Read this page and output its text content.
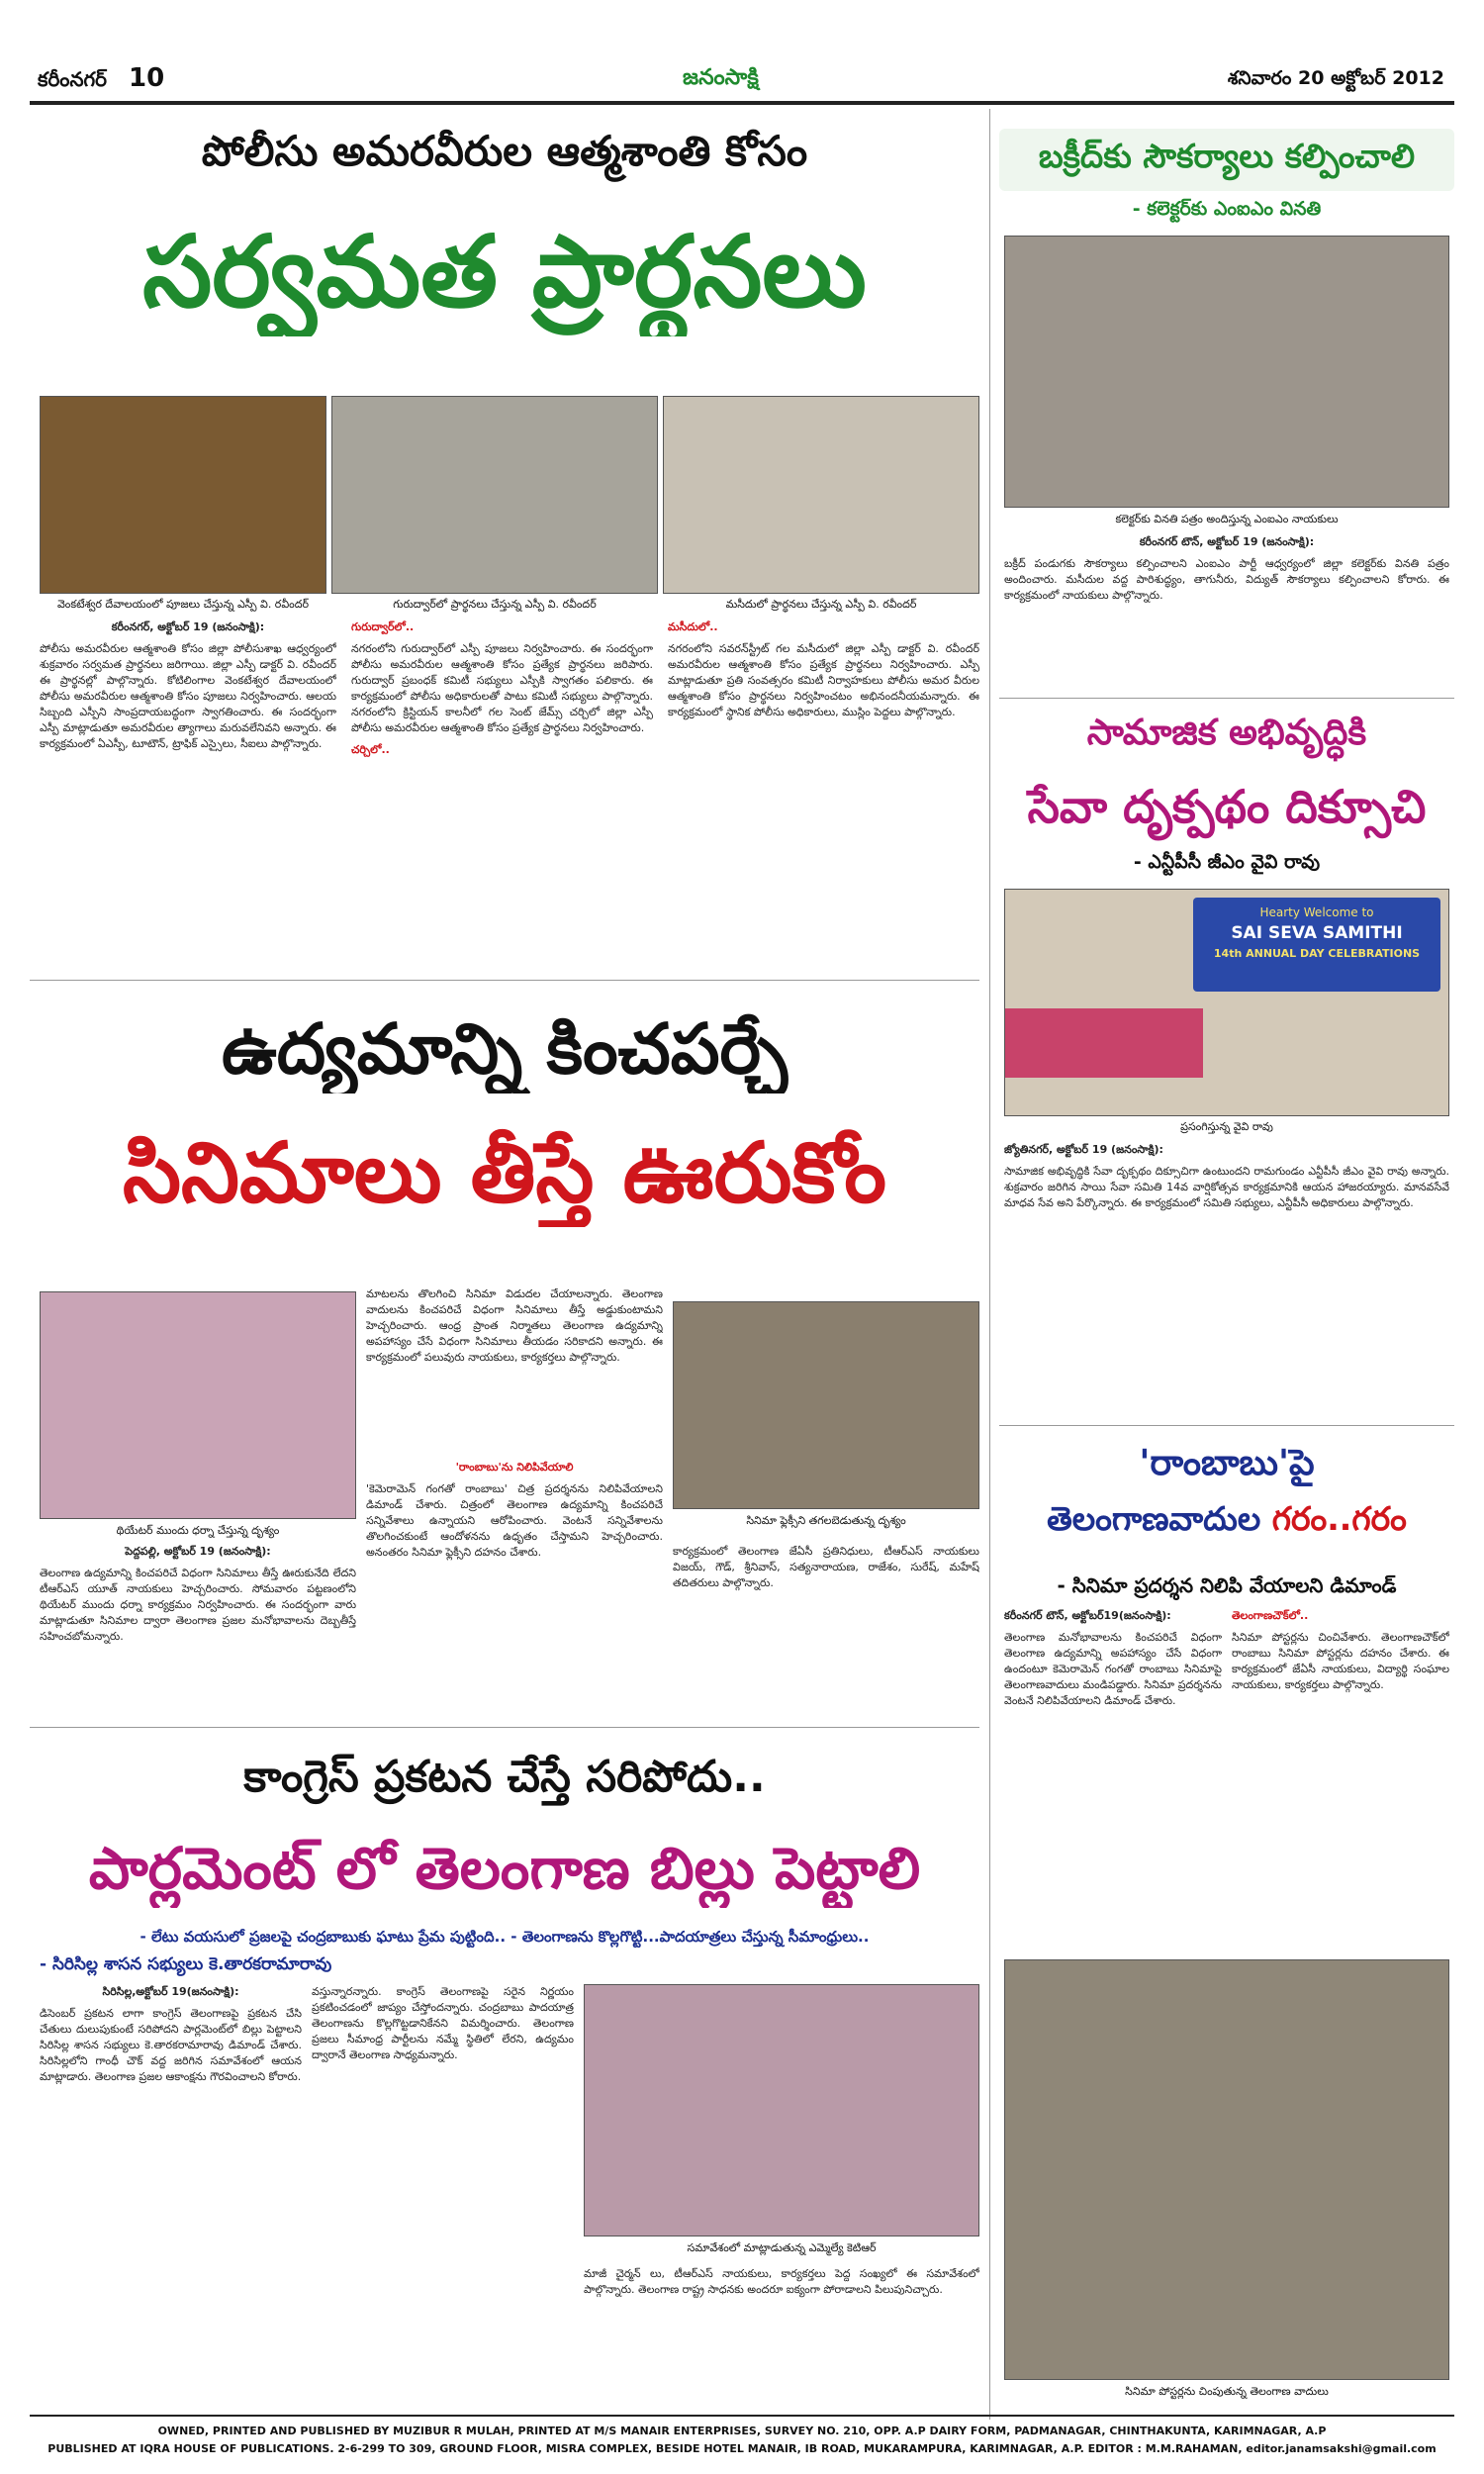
కరీంనగర్ 10	జనంసాక్షి	శనివారం 20 అక్టోబర్ 2012
పోలీసు అమరవీరుల ఆత్మశాంతి కోసం
సర్వమత ప్రార్థనలు
వెంకటేశ్వర దేవాలయంలో పూజలు చేస్తున్న ఎస్పీ వి. రవీందర్	గురుద్వార్‌లో ప్రార్థనలు చేస్తున్న ఎస్పీ వి. రవీందర్	మసీదులో ప్రార్థనలు చేస్తున్న ఎస్పీ వి. రవీందర్

కరీంనగర్, అక్టోబర్ 19 (జనంసాక్షి):

పోలీసు అమరవీరుల ఆత్మశాంతి కోసం జిల్లా పోలీసుశాఖ ఆధ్వర్యంలో శుక్రవారం సర్వమత ప్రార్థనలు జరిగాయి. జిల్లా ఎస్పీ డాక్టర్ వి. రవీందర్ ఈ ప్రార్థనల్లో పాల్గొన్నారు. కోటిలింగాల వెంకటేశ్వర దేవాలయంలో పోలీసు అమరవీరుల ఆత్మశాంతి కోసం పూజలు నిర్వహించారు. ఆలయ సిబ్బంది ఎస్పీని సాంప్రదాయబద్ధంగా స్వాగతించారు. ఈ సందర్భంగా ఎస్పీ మాట్లాడుతూ అమరవీరుల త్యాగాలు మరువలేనివని అన్నారు. ఈ కార్యక్రమంలో ఏఎస్పీ, టూటౌన్, ట్రాఫిక్ ఎస్సైలు, సీఐలు పాల్గొన్నారు.

గురుద్వార్‌లో..

నగరంలోని గురుద్వార్‌లో ఎస్పీ పూజలు నిర్వహించారు. ఈ సందర్భంగా పోలీసు అమరవీరుల ఆత్మశాంతి కోసం ప్రత్యేక ప్రార్థనలు జరిపారు. గురుద్వార్ ప్రబంధక్ కమిటీ సభ్యులు ఎస్పీకి స్వాగతం పలికారు. ఈ కార్యక్రమంలో పోలీసు అధికారులతో పాటు కమిటీ సభ్యులు పాల్గొన్నారు. నగరంలోని క్రిస్టియన్ కాలనీలో గల సెంట్ జేమ్స్ చర్చిలో జిల్లా ఎస్పీ పోలీసు అమరవీరుల ఆత్మశాంతి కోసం ప్రత్యేక ప్రార్థనలు నిర్వహించారు.

చర్చిలో..

మసీదులో..

నగరంలోని సవరన్‌స్ట్రీట్ గల మసీదులో జిల్లా ఎస్పీ డాక్టర్ వి. రవీందర్ అమరవీరుల ఆత్మశాంతి కోసం ప్రత్యేక ప్రార్థనలు నిర్వహించారు. ఎస్పీ మాట్లాడుతూ ప్రతి సంవత్సరం కమిటీ నిర్వాహకులు పోలీసు అమర వీరుల ఆత్మశాంతి కోసం ప్రార్థనలు నిర్వహించటం అభినందనీయమన్నారు. ఈ కార్యక్రమంలో స్థానిక పోలీసు అధికారులు, ముస్లిం పెద్దలు పాల్గొన్నారు.

ఉద్యమాన్ని కించపర్చే
సినిమాలు తీస్తే ఊరుకోం
థియేటర్ ముందు ధర్నా చేస్తున్న దృశ్యం
సినిమా ఫ్లెక్సీని తగలబెడుతున్న దృశ్యం

పెద్దపల్లి, అక్టోబర్ 19 (జనంసాక్షి):

తెలంగాణ ఉద్యమాన్ని కించపరిచే విధంగా సినిమాలు తీస్తే ఊరుకునేది లేదని టీఆర్ఎస్ యూత్ నాయకులు హెచ్చరించారు. సోమవారం పట్టణంలోని థియేటర్ ముందు ధర్నా కార్యక్రమం నిర్వహించారు. ఈ సందర్భంగా వారు మాట్లాడుతూ సినిమాల ద్వారా తెలంగాణ ప్రజల మనోభావాలను దెబ్బతీస్తే సహించబోమన్నారు.

మాటలను తొలగించి సినిమా విడుదల చేయాలన్నారు. తెలంగాణ వాదులను కించపరిచే విధంగా సినిమాలు తీస్తే అడ్డుకుంటామని హెచ్చరించారు. ఆంధ్ర ప్రాంత నిర్మాతలు తెలంగాణ ఉద్యమాన్ని అపహాస్యం చేసే విధంగా సినిమాలు తీయడం సరికాదని అన్నారు. ఈ కార్యక్రమంలో పలువురు నాయకులు, కార్యకర్తలు పాల్గొన్నారు.

'రాంబాబు'ను నిలిపివేయాలి

'కెమెరామెన్ గంగతో రాంబాబు' చిత్ర ప్రదర్శనను నిలిపివేయాలని డిమాండ్ చేశారు. చిత్రంలో తెలంగాణ ఉద్యమాన్ని కించపరిచే సన్నివేశాలు ఉన్నాయని ఆరోపించారు. వెంటనే సన్నివేశాలను తొలగించకుంటే ఆందోళనను ఉధృతం చేస్తామని హెచ్చరించారు. అనంతరం సినిమా ఫ్లెక్సీని దహనం చేశారు.	కార్యక్రమంలో తెలంగాణ జేఏసీ ప్రతినిధులు, టీఆర్ఎస్ నాయకులు విజయ్, గౌడ్, శ్రీనివాస్, సత్యనారాయణ, రాజేశం, సురేష్, మహేష్ తదితరులు పాల్గొన్నారు.

కాంగ్రెస్ ప్రకటన చేస్తే సరిపోదు..
పార్లమెంట్ లో తెలంగాణ బిల్లు పెట్టాలి
- లేటు వయసులో ప్రజలపై చంద్రబాబుకు ఘాటు ప్రేమ పుట్టింది.. - తెలంగాణను కొల్లగొట్టి...పాదయాత్రలు చేస్తున్న సీమాంధ్రులు..
- సిరిసిల్ల శాసన సభ్యులు కె.తారకరామారావు
సమావేశంలో మాట్లాడుతున్న ఎమ్మెల్యే కెటిఆర్

సిరిసిల్ల,అక్టోబర్ 19(జనంసాక్షి):

డిసెంబర్ ప్రకటన లాగా కాంగ్రెస్ తెలంగాణపై ప్రకటన చేసి చేతులు దులుపుకుంటే సరిపోదని పార్లమెంట్‌లో బిల్లు పెట్టాలని సిరిసిల్ల శాసన సభ్యులు కె.తారకరామారావు డిమాండ్ చేశారు. సిరిసిల్లలోని గాంధీ చౌక్ వద్ద జరిగిన సమావేశంలో ఆయన మాట్లాడారు. తెలంగాణ ప్రజల ఆకాంక్షను గౌరవించాలని కోరారు.

వస్తున్నారన్నారు. కాంగ్రెస్ తెలంగాణపై సరైన నిర్ణయం ప్రకటించడంలో జాప్యం చేస్తోందన్నారు. చంద్రబాబు పాదయాత్ర తెలంగాణను కొల్లగొట్టడానికేనని విమర్శించారు. తెలంగాణ ప్రజలు సీమాంధ్ర పార్టీలను నమ్మే స్థితిలో లేరని, ఉద్యమం ద్వారానే తెలంగాణ సాధ్యమన్నారు.

మాజీ చైర్మన్ లు, టీఆర్ఎస్ నాయకులు, కార్యకర్తలు పెద్ద సంఖ్యలో ఈ సమావేశంలో పాల్గొన్నారు. తెలంగాణ రాష్ట్ర సాధనకు అందరూ ఐక్యంగా పోరాడాలని పిలుపునిచ్చారు.

బక్రీద్‌కు సౌకర్యాలు కల్పించాలి
- కలెక్టర్‌కు ఎంఐఎం వినతి
కలెక్టర్‌కు వినతి పత్రం అందిస్తున్న ఎంఐఎం నాయకులు

కరీంనగర్ టౌన్, అక్టోబర్ 19 (జనంసాక్షి):

బక్రీద్ పండుగకు సౌకర్యాలు కల్పించాలని ఎంఐఎం పార్టీ ఆధ్వర్యంలో జిల్లా కలెక్టర్‌కు వినతి పత్రం అందించారు. మసీదుల వద్ద పారిశుద్ధ్యం, తాగునీరు, విద్యుత్ సౌకర్యాలు కల్పించాలని కోరారు. ఈ కార్యక్రమంలో నాయకులు పాల్గొన్నారు.

సామాజిక అభివృద్ధికి
సేవా దృక్పథం దిక్సూచి
- ఎన్టీపీసీ జీఎం వైవి రావు
Hearty Welcome to
SAI SEVA SAMITHI
14th ANNUAL DAY CELEBRATIONS
ప్రసంగిస్తున్న వైవి రావు

జ్యోతినగర్, అక్టోబర్ 19 (జనంసాక్షి):

సామాజిక అభివృద్ధికి సేవా దృక్పథం దిక్సూచిగా ఉంటుందని రామగుండం ఎన్టీపీసీ జీఎం వైవి రావు అన్నారు. శుక్రవారం జరిగిన సాయి సేవా సమితి 14వ వార్షికోత్సవ కార్యక్రమానికి ఆయన హాజరయ్యారు. మానవసేవే మాధవ సేవ అని పేర్కొన్నారు. ఈ కార్యక్రమంలో సమితి సభ్యులు, ఎన్టీపీసీ అధికారులు పాల్గొన్నారు.

'రాంబాబు'పై
తెలంగాణవాదుల గరం..గరం
- సినిమా ప్రదర్శన నిలిపి వేయాలని డిమాండ్

కరీంనగర్ టౌన్, అక్టోబర్19(జనంసాక్షి):

తెలంగాణ మనోభావాలను కించపరిచే విధంగా తెలంగాణ ఉద్యమాన్ని అపహాస్యం చేసే విధంగా ఉందంటూ కెమెరామెన్ గంగతో రాంబాబు సినిమాపై తెలంగాణవాదులు మండిపడ్డారు. సినిమా ప్రదర్శనను వెంటనే నిలిపివేయాలని డిమాండ్ చేశారు.

తెలంగాణచౌక్‌లో..

సినిమా పోస్టర్లను చించివేశారు. తెలంగాణచౌక్‌లో రాంబాబు సినిమా పోస్టర్లను దహనం చేశారు. ఈ కార్యక్రమంలో జేఏసీ నాయకులు, విద్యార్థి సంఘాల నాయకులు, కార్యకర్తలు పాల్గొన్నారు.

సినిమా పోస్టర్లను చింపుతున్న తెలంగాణ వాదులు
OWNED, PRINTED AND PUBLISHED BY MUZIBUR R MULAH, PRINTED AT M/S MANAIR ENTERPRISES, SURVEY NO. 210, OPP. A.P DAIRY FORM, PADMANAGAR, CHINTHAKUNTA, KARIMNAGAR, A.P
PUBLISHED AT IQRA HOUSE OF PUBLICATIONS. 2-6-299 TO 309, GROUND FLOOR, MISRA COMPLEX, BESIDE HOTEL MANAIR, IB ROAD, MUKARAMPURA, KARIMNAGAR, A.P. EDITOR : M.M.RAHAMAN, editor.janamsakshi@gmail.com
